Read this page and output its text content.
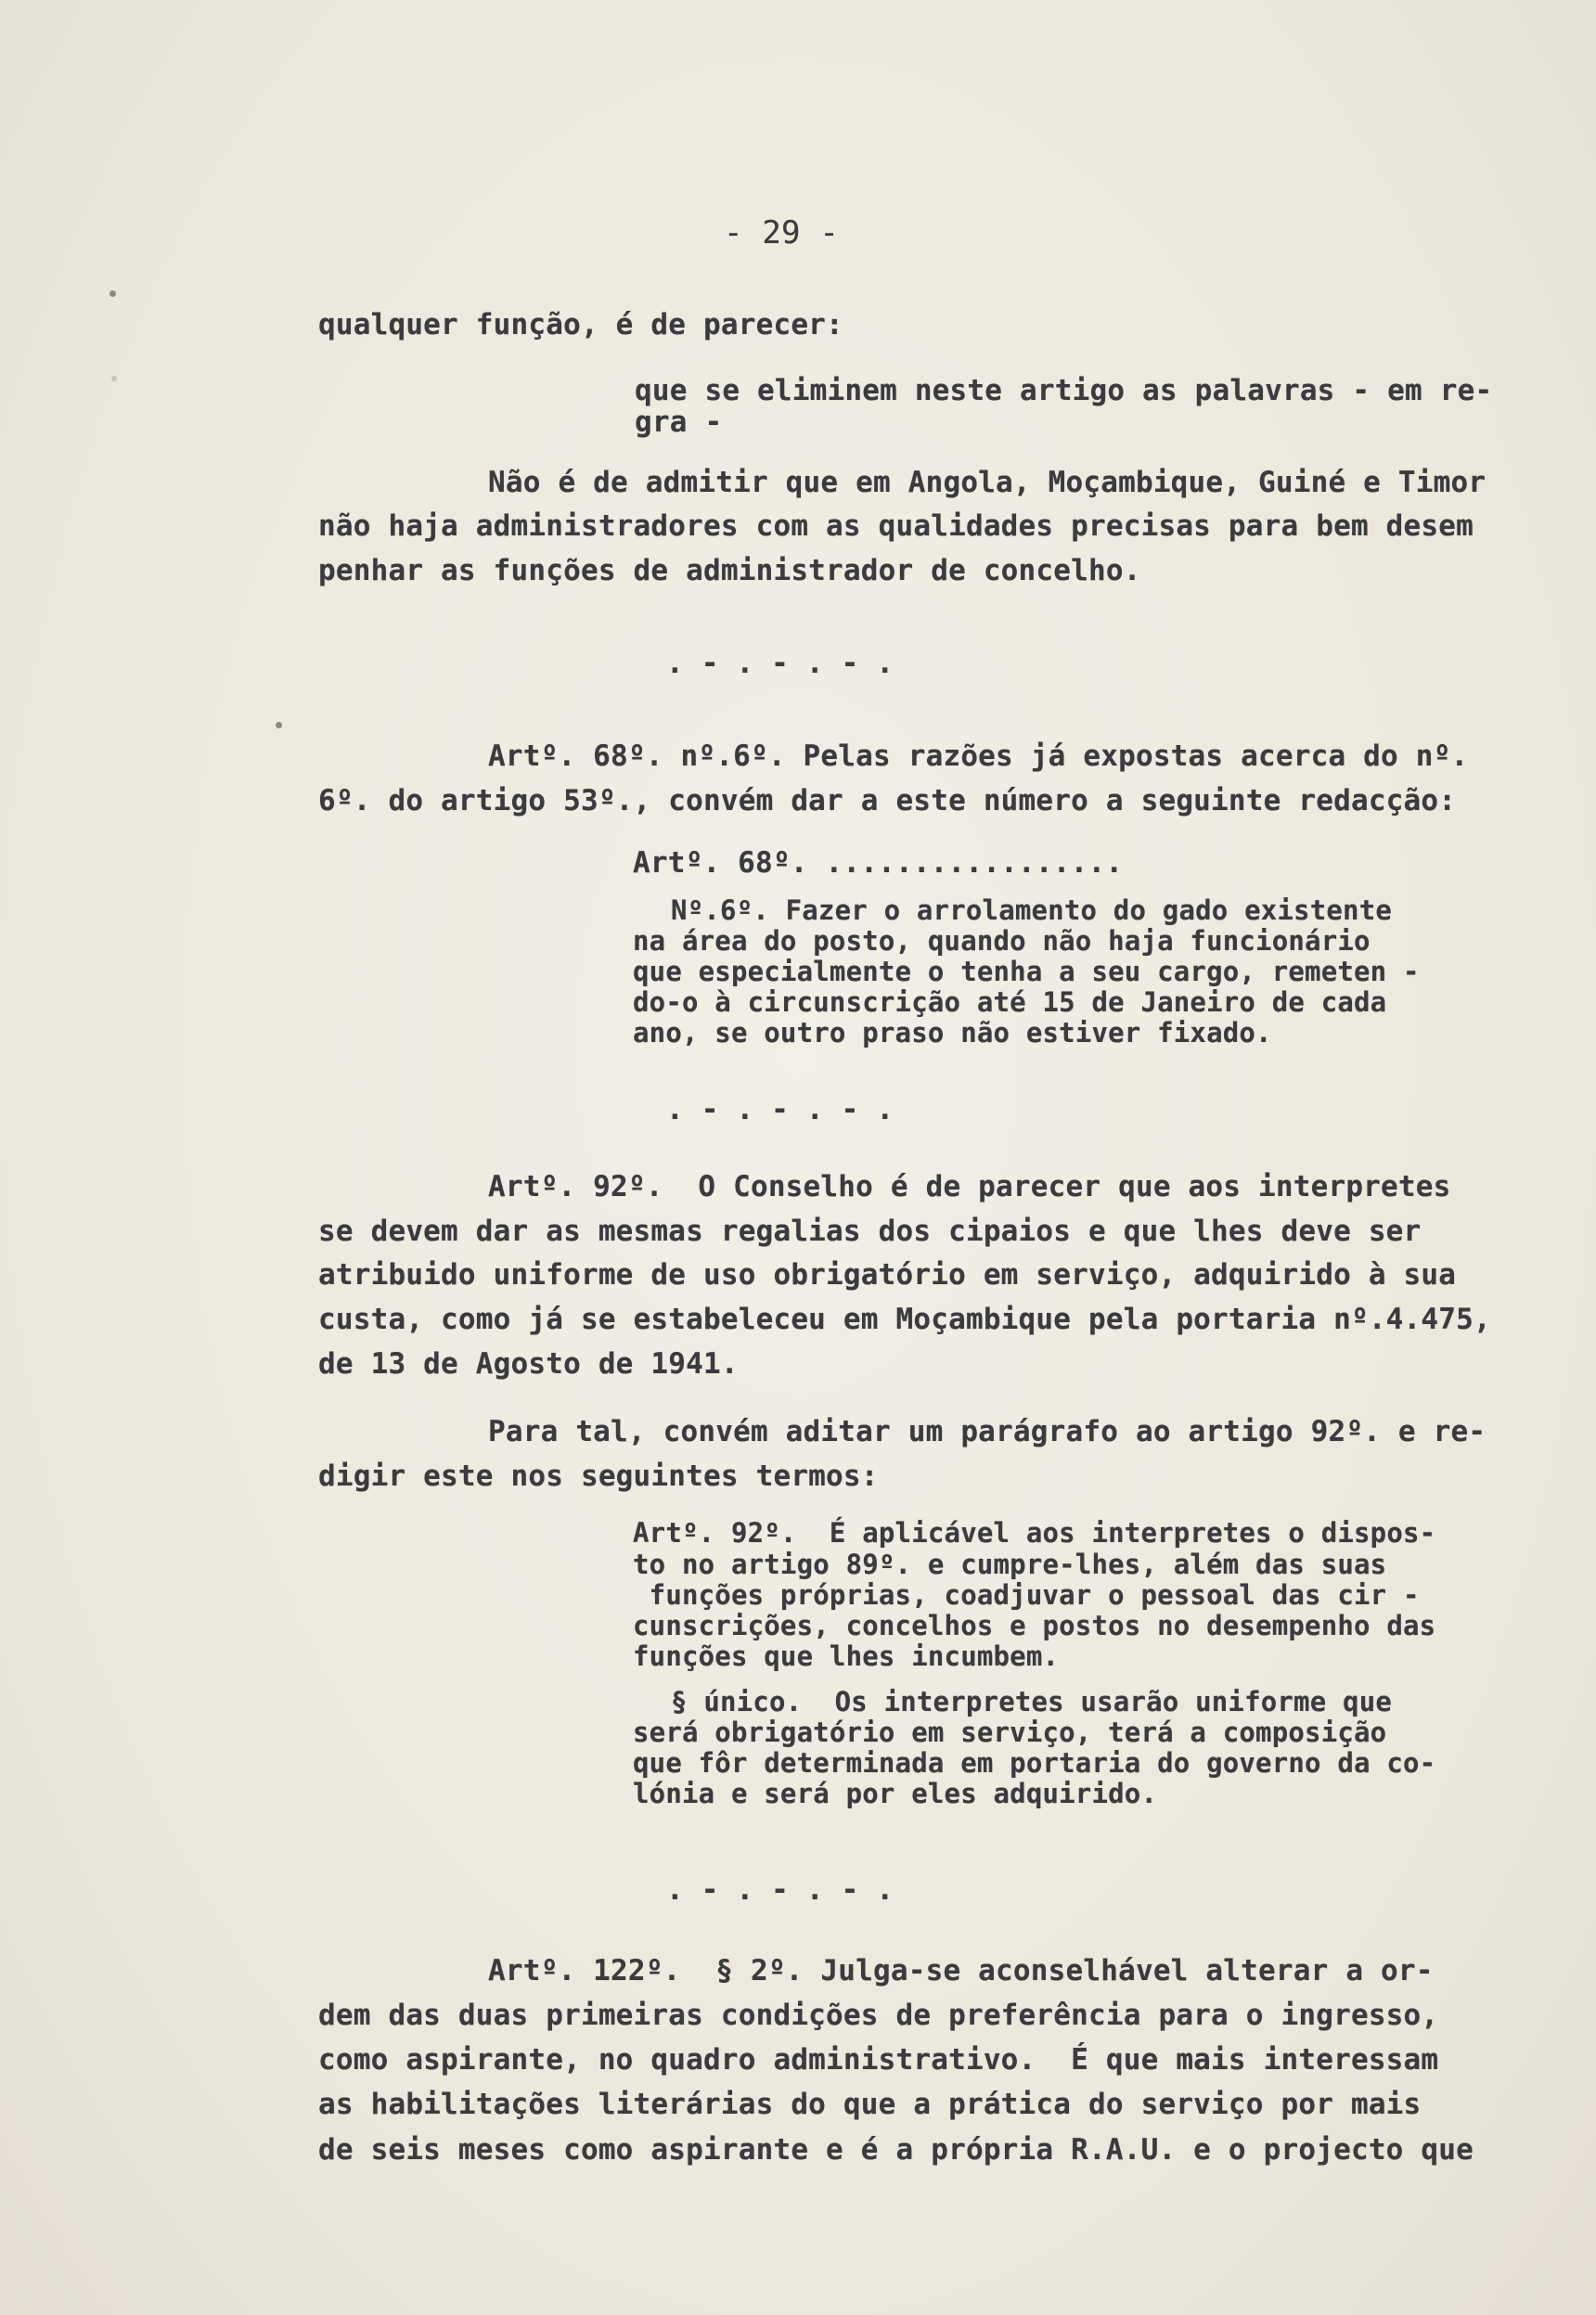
- 29 -
qualquer função, é de parecer:
que se eliminem neste artigo as palavras - em re-
gra -
Não é de admitir que em Angola, Moçambique, Guiné e Timor
não haja administradores com as qualidades precisas para bem desem
penhar as funções de administrador de concelho.
. - . - . - .
Artº. 68º. nº.6º. Pelas razões já expostas acerca do nº.
6º. do artigo 53º., convém dar a este número a seguinte redacção:
Artº. 68º. .................
Nº.6º. Fazer o arrolamento do gado existente
na área do posto, quando não haja funcionário
que especialmente o tenha a seu cargo, remeten -
do-o à circunscrição até 15 de Janeiro de cada
ano, se outro praso não estiver fixado.
. - . - . - .
Artº. 92º.  O Conselho é de parecer que aos interpretes
se devem dar as mesmas regalias dos cipaios e que lhes deve ser
atribuido uniforme de uso obrigatório em serviço, adquirido à sua
custa, como já se estabeleceu em Moçambique pela portaria nº.4.475,
de 13 de Agosto de 1941.
Para tal, convém aditar um parágrafo ao artigo 92º. e re-
digir este nos seguintes termos:
Artº. 92º.  É aplicável aos interpretes o dispos-
to no artigo 89º. e cumpre-lhes, além das suas
funções próprias, coadjuvar o pessoal das cir -
cunscrições, concelhos e postos no desempenho das
funções que lhes incumbem.
§ único.  Os interpretes usarão uniforme que
será obrigatório em serviço, terá a composição
que fôr determinada em portaria do governo da co-
lónia e será por eles adquirido.
. - . - . - .
Artº. 122º.  § 2º. Julga-se aconselhável alterar a or-
dem das duas primeiras condições de preferência para o ingresso,
como aspirante, no quadro administrativo.  É que mais interessam
as habilitações literárias do que a prática do serviço por mais
de seis meses como aspirante e é a própria R.A.U. e o projecto que
